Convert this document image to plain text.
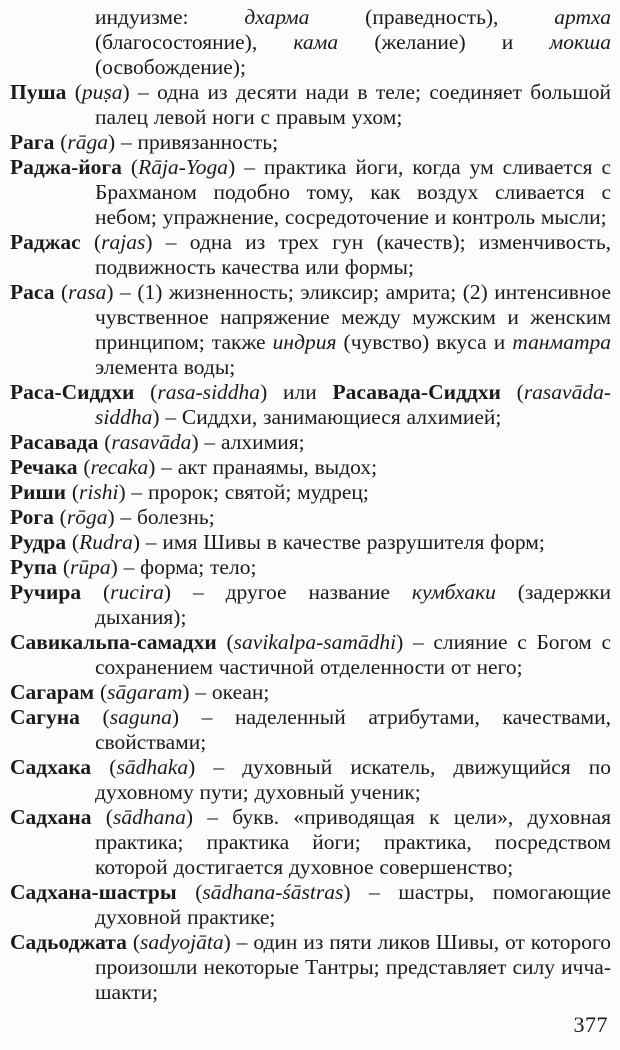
индуизме: дхарма (праведность), артха (благосостояние), кама (желание) и мокша (освобождение);

Пуша (puṣa) – одна из десяти нади в теле; соединяет большой палец левой ноги с правым ухом;

Рага (rāga) – привязанность;

Раджа-йога (Rāja-Yoga) – практика йоги, когда ум сливается с Брахманом подобно тому, как воздух сливается с небом; упражнение, сосредоточение и контроль мысли;

Раджас (rajas) – одна из трех гун (качеств); изменчивость, подвижность качества или формы;

Раса (rasa) – (1) жизненность; эликсир; амрита; (2) интенсивное чувственное напряжение между мужским и женским принципом; также индрия (чувство) вкуса и танматра элемента воды;

Раса-Сиддхи (rasa-siddha) или Расавада-Сиддхи (rasavāda-siddha) – Сиддхи, занимающиеся алхимией;

Расавада (rasavāda) – алхимия;

Речака (recaka) – акт пранаямы, выдох;

Риши (rishi) – пророк; святой; мудрец;

Рога (rōga) – болезнь;

Рудра (Rudra) – имя Шивы в качестве разрушителя форм;

Рупа (rūpa) – форма; тело;

Ручира (rucira) – другое название кумбхаки (задержки дыхания);

Савикальпа-самадхи (savikalpa-samādhi) – слияние с Богом с сохранением частичной отделенности от него;

Сагарам (sāgaram) – океан;

Сагуна (saguna) – наделенный атрибутами, качествами, свойствами;

Садхака (sādhaka) – духовный искатель, движущийся по духовному пути; духовный ученик;

Садхана (sādhana) – букв. «приводящая к цели», духовная практика; практика йоги; практика, посредством которой достигается духовное совершенство;

Садхана-шастры (sādhana-śāstras) – шастры, помогающие духовной практике;

Садьоджата (sadyojāta) – один из пяти ликов Шивы, от которого произошли некоторые Тантры; представляет силу ичча-шакти;

377
